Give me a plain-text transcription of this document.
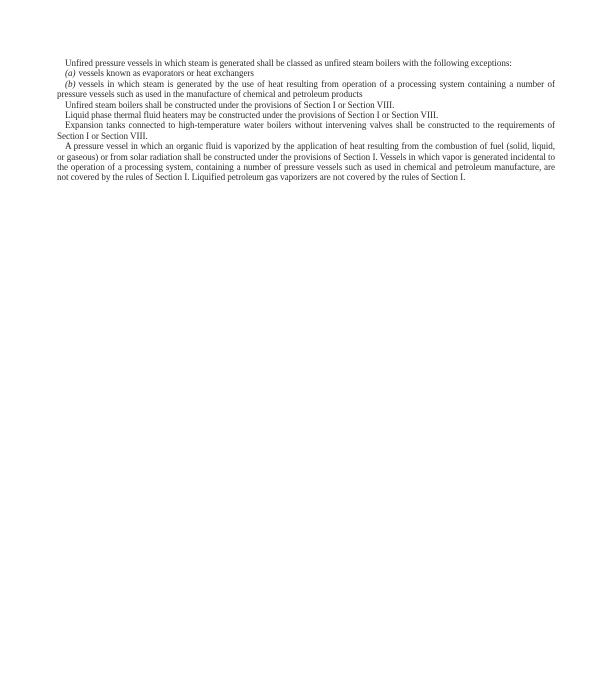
Unfired pressure vessels in which steam is generated shall be classed as unfired steam boilers with the following exceptions:

(a) vessels known as evaporators or heat exchangers

(b) vessels in which steam is generated by the use of heat resulting from operation of a processing system containing a number of pressure vessels such as used in the manufacture of chemical and petroleum products

Unfired steam boilers shall be constructed under the provisions of Section I or Section VIII.

Liquid phase thermal fluid heaters may be constructed under the provisions of Section I or Section VIII.

Expansion tanks connected to high-temperature water boilers without intervening valves shall be constructed to the requirements of Section I or Section VIII.

A pressure vessel in which an organic fluid is vaporized by the application of heat resulting from the combustion of fuel (solid, liquid, or gaseous) or from solar radiation shall be constructed under the provisions of Section I. Vessels in which vapor is generated incidental to the operation of a processing system, containing a number of pressure vessels such as used in chemical and petroleum manufacture, are not covered by the rules of Section I. Liquified petroleum gas vaporizers are not covered by the rules of Section I.
